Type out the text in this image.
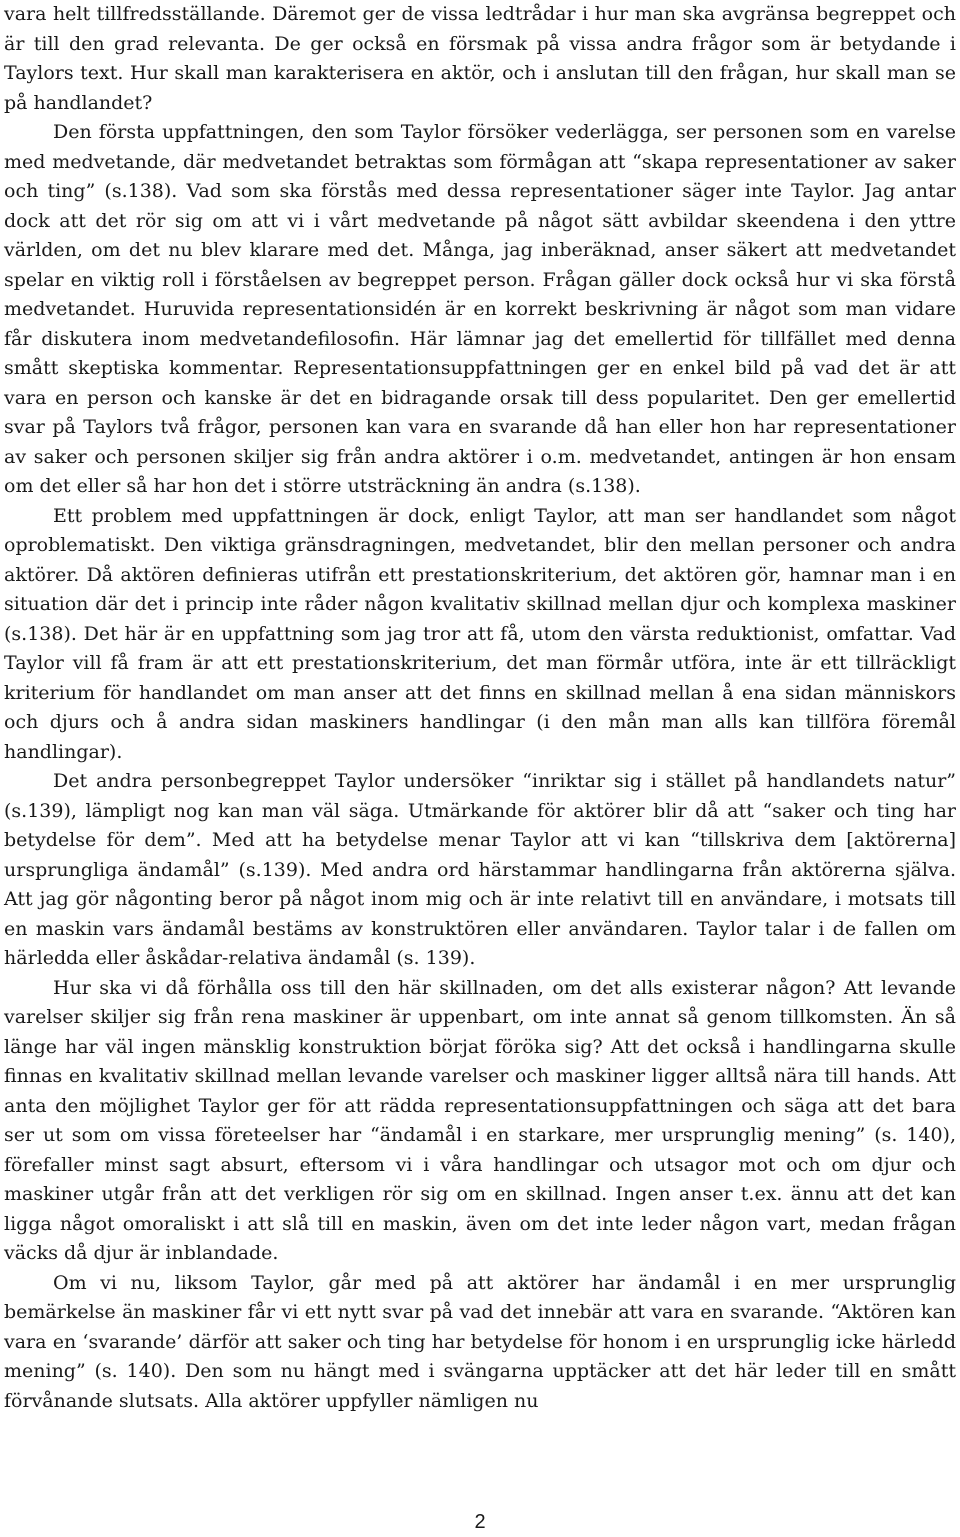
vara helt tillfredsställande. Däremot ger de vissa ledtrådar i hur man ska avgränsa begreppet och är till den grad relevanta. De ger också en försmak på vissa andra frågor som är betydande i Taylors text. Hur skall man karakterisera en aktör, och i anslutan till den frågan, hur skall man se på handlandet?

Den första uppfattningen, den som Taylor försöker vederlägga, ser personen som en varelse med medvetande, där medvetandet betraktas som förmågan att “skapa representationer av saker och ting” (s.138). Vad som ska förstås med dessa representationer säger inte Taylor. Jag antar dock att det rör sig om att vi i vårt medvetande på något sätt avbildar skeendena i den yttre världen, om det nu blev klarare med det. Många, jag inberäknad, anser säkert att medvetandet spelar en viktig roll i förståelsen av begreppet person. Frågan gäller dock också hur vi ska förstå medvetandet. Huruvida representationsidén är en korrekt beskrivning är något som man vidare får diskutera inom medvetandefilosofin. Här lämnar jag det emellertid för tillfället med denna smått skeptiska kommentar. Representationsuppfattningen ger en enkel bild på vad det är att vara en person och kanske är det en bidragande orsak till dess popularitet. Den ger emellertid svar på Taylors två frågor, personen kan vara en svarande då han eller hon har representationer av saker och personen skiljer sig från andra aktörer i o.m. medvetandet, antingen är hon ensam om det eller så har hon det i större utsträckning än andra (s.138).

Ett problem med uppfattningen är dock, enligt Taylor, att man ser handlandet som något oproblematiskt. Den viktiga gränsdragningen, medvetandet, blir den mellan personer och andra aktörer. Då aktören definieras utifrån ett prestationskriterium, det aktören gör, hamnar man i en situation där det i princip inte råder någon kvalitativ skillnad mellan djur och komplexa maskiner (s.138). Det här är en uppfattning som jag tror att få, utom den värsta reduktionist, omfattar. Vad Taylor vill få fram är att ett prestationskriterium, det man förmår utföra, inte är ett tillräckligt kriterium för handlandet om man anser att det finns en skillnad mellan å ena sidan människors och djurs och å andra sidan maskiners handlingar (i den mån man alls kan tillföra föremål handlingar).

Det andra personbegreppet Taylor undersöker “inriktar sig i stället på handlandets natur” (s.139), lämpligt nog kan man väl säga. Utmärkande för aktörer blir då att “saker och ting har betydelse för dem”. Med att ha betydelse menar Taylor att vi kan “tillskriva dem [aktörerna] ursprungliga ändamål” (s.139). Med andra ord härstammar handlingarna från aktörerna själva. Att jag gör någonting beror på något inom mig och är inte relativt till en användare, i motsats till en maskin vars ändamål bestäms av konstruktören eller användaren. Taylor talar i de fallen om härledda eller åskådar-relativa ändamål (s. 139).

Hur ska vi då förhålla oss till den här skillnaden, om det alls existerar någon? Att levande varelser skiljer sig från rena maskiner är uppenbart, om inte annat så genom tillkomsten. Än så länge har väl ingen mänsklig konstruktion börjat föröka sig? Att det också i handlingarna skulle finnas en kvalitativ skillnad mellan levande varelser och maskiner ligger alltså nära till hands. Att anta den möjlighet Taylor ger för att rädda representationsuppfattningen och säga att det bara ser ut som om vissa företeelser har “ändamål i en starkare, mer ursprunglig mening” (s. 140), förefaller minst sagt absurt, eftersom vi i våra handlingar och utsagor mot och om djur och maskiner utgår från att det verkligen rör sig om en skillnad. Ingen anser t.ex. ännu att det kan ligga något omoraliskt i att slå till en maskin, även om det inte leder någon vart, medan frågan väcks då djur är inblandade.

Om vi nu, liksom Taylor, går med på att aktörer har ändamål i en mer ursprunglig bemärkelse än maskiner får vi ett nytt svar på vad det innebär att vara en svarande. “Aktören kan vara en ‘svarande’ därför att saker och ting har betydelse för honom i en ursprunglig icke härledd mening” (s. 140). Den som nu hängt med i svängarna upptäcker att det här leder till en smått förvånande slutsats. Alla aktörer uppfyller nämligen nu

2
